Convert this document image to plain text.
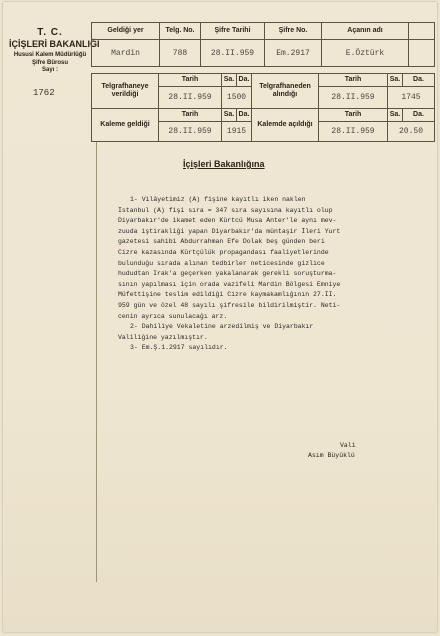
T. C.
İÇİŞLERİ BAKANLIĞI
Hususi Kalem Müdürlüğü
Şifre Bürosu
Sayı :
1762
Geldiği yer	Telg. No.	Şifre Tarihi	Şifre No.	Açanın adı	
Mardin	788	28.II.959	Em.2917	E.Öztürk	
Telgrafhaneye verildiği	Tarih	Sa.	Da.	Telgrafhaneden alındığı	Tarih	Sa.	Da.
	28.II.959	1500			28.II.959	1745	
Kaleme geldiği	Tarih	Sa.	Da.	Kalemde açıldığı	Tarih	Sa.	Da.
	28.II.959	1915			28.II.959	20.50	
İçişleri Bakanlığına
1- Vilâyetimiz (A) fişine kayıtlı iken naklen
İstanbul (A) fişi sıra = 347 sıra sayısına kayıtlı olup
Diyarbakır'de ikamet eden Kürtcü Musa Anter'le aynı mev-
zuuda iştirakliği yapan Diyarbakır'da müntaşir İleri Yurt
gazetesi sahibi Abdurrahman Efe Dolak beş günden beri
Cizre kazasında Kürtçülük propagandası faaliyetlerinde
bulunduğu sırada alınan tedbirler neticesinde gizlice
hududtan Irak'a geçerken yakalanarak gerekli soruşturma-
sının yapılması için orada vazifeli Mardin Bölgesi Emniye
Müfettişine teslim edildiği Cizre kaymakamlığının 27.II.
959 gün ve özel 48 sayılı şifresile bildirilmiştir. Neti-
cenin ayrıca sunulacağı arz.
2- Dahiliye Vekaletine arzedilmiş ve Diyarbakır
Valiliğine yazılmıştır.
3- Em.Ş.1.2917 sayılıdır.
Vali
Asım Büyüklü
